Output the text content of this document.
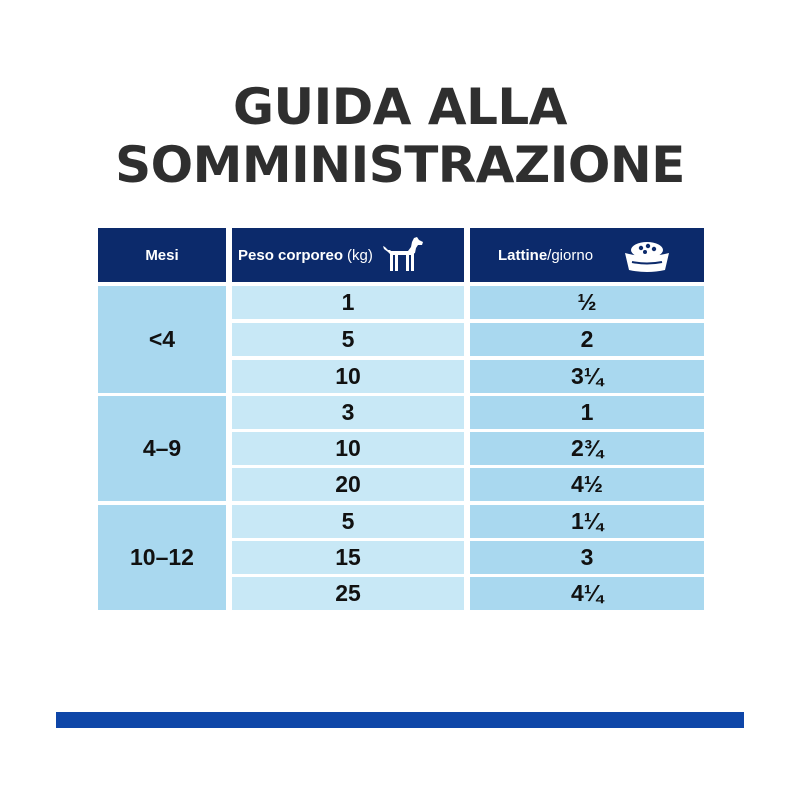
GUIDA ALLA
SOMMINISTRAZIONE
Mesi	Peso corporeo (kg)	Lattine /giorno
<4
1	½
5	2
10	3¼
4–9
3	1
10	2¾
20	4½
10–12
5	1¼
15	3
25	4¼
